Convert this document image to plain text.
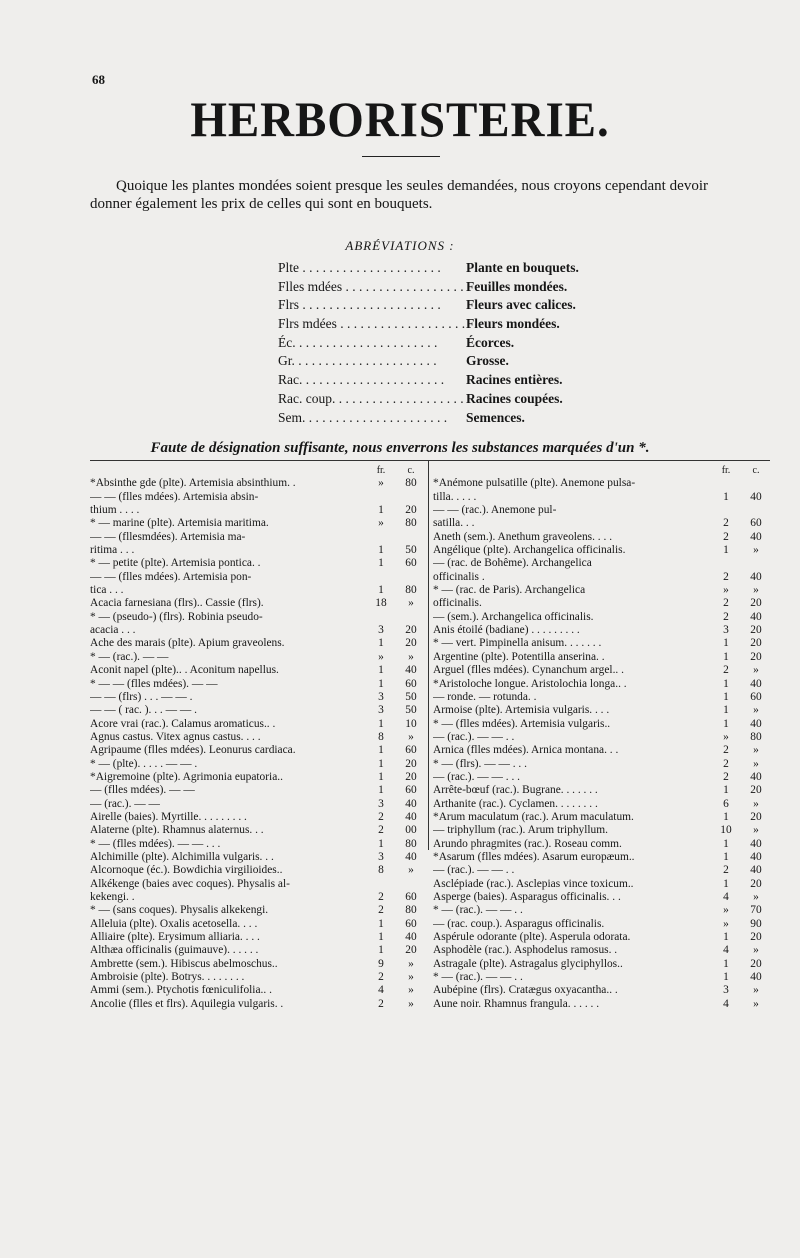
68
HERBORISTERIE.

Quoique les plantes mondées soient presque les seules demandées, nous croyons cependant devoir donner également les prix de celles qui sont en bouquets.

ABRÉVIATIONS :
Plte . . .	Plante en bouquets.
Flles mdées . . .	Feuilles mondées.
Flrs . . .	Fleurs avec calices.
Flrs mdées . . .	Fleurs mondées.
Éc. . . .	Écorces.
Gr. . . .	Grosse.
Rac. . . .	Racines entières.
Rac. coup. . . .	Racines coupées.
Sem. . . .	Semences.
Faute de désignation suffisante, nous enverrons les substances marquées d'un *.
fr.	c.
*Absinthe gde (plte). Artemisia absinthium. .	»	80
— — (flles mdées). Artemisia absin-
thium . . . .	1	20
* — marine (plte). Artemisia maritima.	»	80
— — (fllesmdées). Artemisia ma-
ritima . . .	1	50
* — petite (plte). Artemisia pontica. .	1	60
— — (flles mdées). Artemisia pon-
tica . . .	1	80
Acacia farnesiana (flrs).. Cassie (flrs).	18	»
* — (pseudo-) (flrs). Robinia pseudo-
acacia . . .	3	20
Ache des marais (plte). Apium graveolens.	1	20
* — (rac.). — —	»	»
Aconit napel (plte).. . Aconitum napellus.	1	40
* — — (flles mdées). — —	1	60
— — (flrs) . . . — — .	3	50
— — ( rac. ). . . — — .	3	50
Acore vrai (rac.). Calamus aromaticus.. .	1	10
Agnus castus. Vitex agnus castus. . . .	8	»
Agripaume (flles mdées). Leonurus cardiaca.	1	60
* — (plte). . . . . — — .	1	20
*Aigremoine (plte). Agrimonia eupatoria..	1	20
— (flles mdées). — —	1	60
— (rac.). — —	3	40
Airelle (baies). Myrtille. . . . . . . . .	2	40
Alaterne (plte). Rhamnus alaternus. . .	2	00
* — (flles mdées). — — . . .	1	80
Alchimille (plte). Alchimilla vulgaris. . .	3	40
Alcornoque (éc.). Bowdichia virgilioides..	8	»
Alkékenge (baies avec coques). Physalis al-
kekengi. .	2	60
* — (sans coques). Physalis alkekengi.	2	80
Alleluia (plte). Oxalis acetosella. . . .	1	60
Alliaire (plte). Erysimum alliaria. . . .	1	40
Althæa officinalis (guimauve). . . . . .	1	20
Ambrette (sem.). Hibiscus abelmoschus..	9	»
Ambroisie (plte). Botrys. . . . . . . .	2	»
Ammi (sem.). Ptychotis fœniculifolia.. .	4	»
Ancolie (flles et flrs). Aquilegia vulgaris. .	2	»
fr.	c.
*Anémone pulsatille (plte). Anemone pulsa-
tilla. . . . .	1	40
— — (rac.). Anemone pul-
satilla. . .	2	60
Aneth (sem.). Anethum graveolens. . . .	2	40
Angélique (plte). Archangelica officinalis.	1	»
— (rac. de Bohême). Archangelica
officinalis .	2	40
* — (rac. de Paris). Archangelica	»	»
officinalis.	2	20
— (sem.). Archangelica officinalis.	2	40
Anis étoilé (badiane) . . . . . . . . .	3	20
* — vert. Pimpinella anisum. . . . . . .	1	20
Argentine (plte). Potentilla anserina. .	1	20
Arguel (flles mdées). Cynanchum argel.. .	2	»
*Aristoloche longue. Aristolochia longa.. .	1	40
— ronde. — rotunda. .	1	60
Armoise (plte). Artemisia vulgaris. . . .	1	»
* — (flles mdées). Artemisia vulgaris..	1	40
— (rac.). — — . .	»	80
Arnica (flles mdées). Arnica montana. . .	2	»
* — (flrs). — — . . .	2	»
— (rac.). — — . . .	2	40
Arrête-bœuf (rac.). Bugrane. . . . . . .	1	20
Arthanite (rac.). Cyclamen. . . . . . . .	6	»
*Arum maculatum (rac.). Arum maculatum.	1	20
— triphyllum (rac.). Arum triphyllum.	10	»
Arundo phragmites (rac.). Roseau comm.	1	40
*Asarum (flles mdées). Asarum europæum..	1	40
— (rac.). — — . .	2	40
Asclépiade (rac.). Asclepias vince toxicum..	1	20
Asperge (baies). Asparagus officinalis. . .	4	»
* — (rac.). — — . .	»	70
— (rac. coup.). Asparagus officinalis.	»	90
Aspérule odorante (plte). Asperula odorata.	1	20
Asphodèle (rac.). Asphodelus ramosus. .	4	»
Astragale (plte). Astragalus glyciphyllos..	1	20
* — (rac.). — — . .	1	40
Aubépine (flrs). Cratægus oxyacantha.. .	3	»
Aune noir. Rhamnus frangula. . . . . .	4	»
